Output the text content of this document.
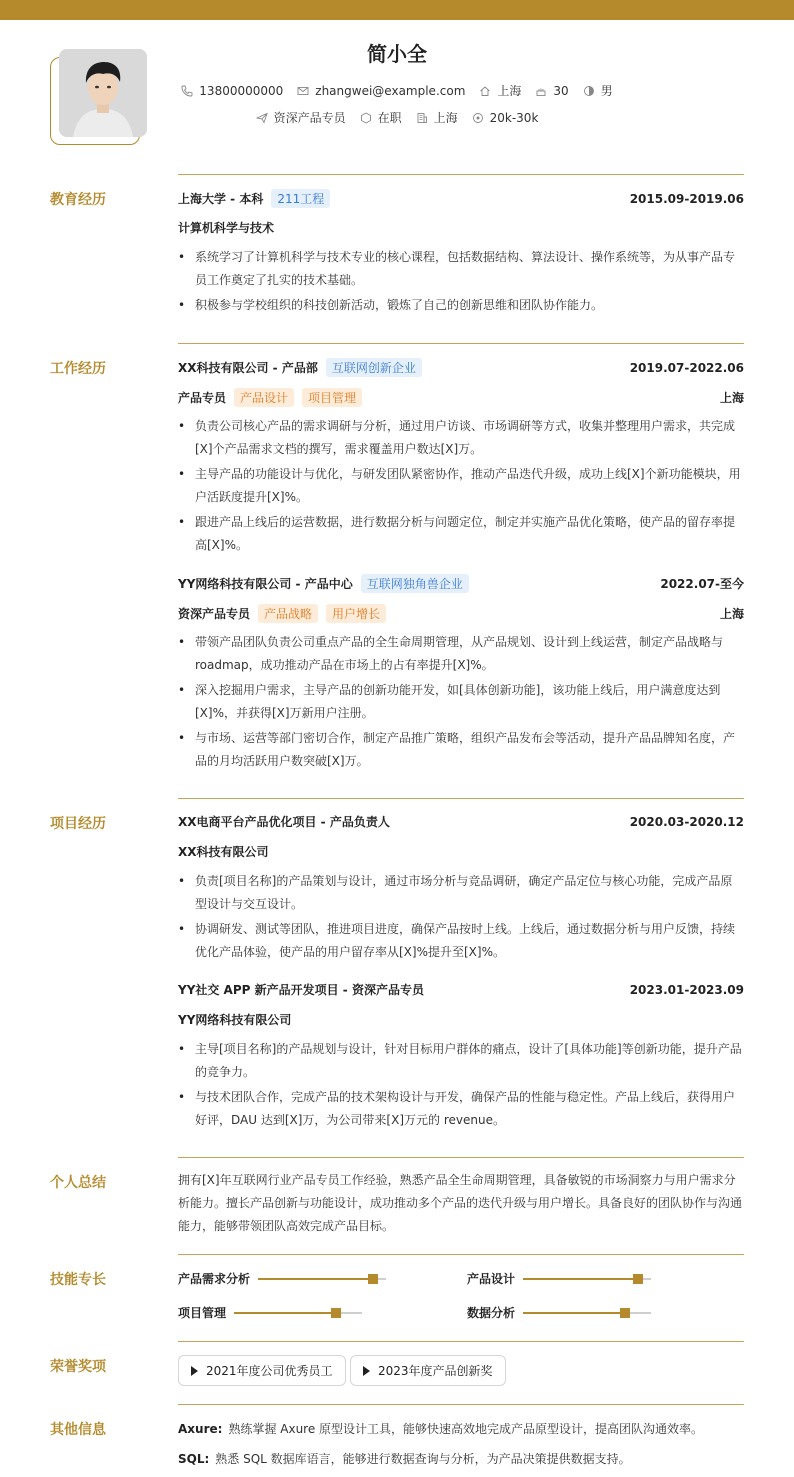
简小全
13800000000	zhangwei@example.com	上海	30	男
资深产品专员	在职	上海	20k-30k
教育经历	上海大学 - 本科	211工程	2015.09-2019.06
计算机科学与技术
• 系统学习了计算机科学与技术专业的核心课程，包括数据结构、算法设计、操作系统等，为从事产品专员工作奠定了扎实的技术基础。
• 积极参与学校组织的科技创新活动，锻炼了自己的创新思维和团队协作能力。
工作经历	XX科技有限公司 - 产品部	互联网创新企业	2019.07-2022.06
产品专员	产品设计	项目管理	上海
• 负责公司核心产品的需求调研与分析，通过用户访谈、市场调研等方式，收集并整理用户需求，共完成[X]个产品需求文档的撰写，需求覆盖用户数达[X]万。
• 主导产品的功能设计与优化，与研发团队紧密协作，推动产品迭代升级，成功上线[X]个新功能模块，用户活跃度提升[X]%。
• 跟进产品上线后的运营数据，进行数据分析与问题定位，制定并实施产品优化策略，使产品的留存率提高[X]%。
YY网络科技有限公司 - 产品中心	互联网独角兽企业	2022.07-至今
资深产品专员	产品战略	用户增长	上海
• 带领产品团队负责公司重点产品的全生命周期管理，从产品规划、设计到上线运营，制定产品战略与roadmap，成功推动产品在市场上的占有率提升[X]%。
• 深入挖掘用户需求，主导产品的创新功能开发，如[具体创新功能]，该功能上线后，用户满意度达到[X]%，并获得[X]万新用户注册。
• 与市场、运营等部门密切合作，制定产品推广策略，组织产品发布会等活动，提升产品品牌知名度，产品的月均活跃用户数突破[X]万。
项目经历	XX电商平台产品优化项目 - 产品负责人	2020.03-2020.12
XX科技有限公司
• 负责[项目名称]的产品策划与设计，通过市场分析与竞品调研，确定产品定位与核心功能，完成产品原型设计与交互设计。
• 协调研发、测试等团队，推进项目进度，确保产品按时上线。上线后，通过数据分析与用户反馈，持续优化产品体验，使产品的用户留存率从[X]%提升至[X]%。
YY社交 APP 新产品开发项目 - 资深产品专员	2023.01-2023.09
YY网络科技有限公司
• 主导[项目名称]的产品规划与设计，针对目标用户群体的痛点，设计了[具体功能]等创新功能，提升产品的竞争力。
• 与技术团队合作，完成产品的技术架构设计与开发，确保产品的性能与稳定性。产品上线后，获得用户好评，DAU 达到[X]万，为公司带来[X]万元的 revenue。
个人总结	拥有[X]年互联网行业产品专员工作经验，熟悉产品全生命周期管理，具备敏锐的市场洞察力与用户需求分析能力。擅长产品创新与功能设计，成功推动多个产品的迭代升级与用户增长。具备良好的团队协作与沟通能力，能够带领团队高效完成产品目标。
技能专长	产品需求分析	产品设计
项目管理	数据分析
荣誉奖项	2021年度公司优秀员工	2023年度产品创新奖
其他信息	Axure: 熟练掌握 Axure 原型设计工具，能够快速高效地完成产品原型设计，提高团队沟通效率。
SQL: 熟悉 SQL 数据库语言，能够进行数据查询与分析，为产品决策提供数据支持。
